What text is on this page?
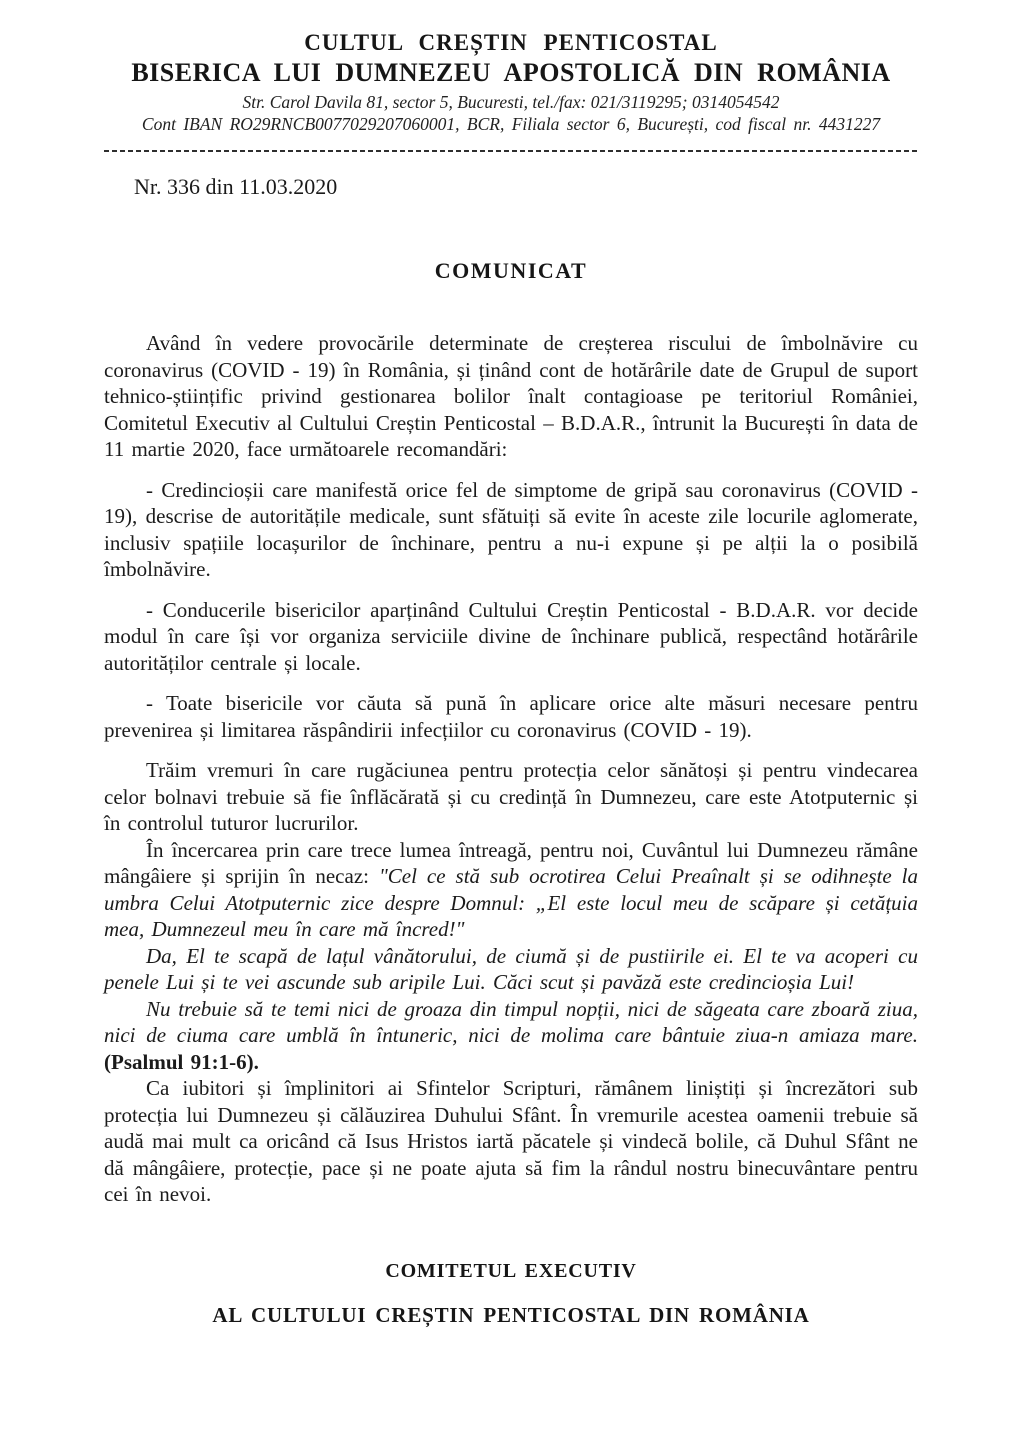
CULTUL CREȘTIN PENTICOSTAL

BISERICA LUI DUMNEZEU APOSTOLICĂ DIN ROMÂNIA

Str. Carol Davila 81, sector 5, Bucuresti, tel./fax: 021/3119295; 0314054542

Cont IBAN RO29RNCB0077029207060001, BCR, Filiala sector 6, București, cod fiscal nr. 4431227

Nr. 336 din 11.03.2020

COMUNICAT

Având în vedere provocările determinate de creșterea riscului de îmbolnăvire cu coronavirus (COVID - 19) în România, și ținând cont de hotărârile date de Grupul de suport tehnico-științific privind gestionarea bolilor înalt contagioase pe teritoriul României, Comitetul Executiv al Cultului Creștin Penticostal – B.D.A.R., întrunit la București în data de 11 martie 2020, face următoarele recomandări:

- Credincioșii care manifestă orice fel de simptome de gripă sau coronavirus (COVID - 19), descrise de autoritățile medicale, sunt sfătuiți să evite în aceste zile locurile aglomerate, inclusiv spațiile locașurilor de închinare, pentru a nu-i expune și pe alții la o posibilă îmbolnăvire.

- Conducerile bisericilor aparținând Cultului Creștin Penticostal - B.D.A.R. vor decide modul în care își vor organiza serviciile divine de închinare publică, respectând hotărârile autorităților centrale și locale.

- Toate bisericile vor căuta să pună în aplicare orice alte măsuri necesare pentru prevenirea și limitarea răspândirii infecțiilor cu coronavirus (COVID - 19).

Trăim vremuri în care rugăciunea pentru protecția celor sănătoși și pentru vindecarea celor bolnavi trebuie să fie înflăcărată și cu credință în Dumnezeu, care este Atotputernic și în controlul tuturor lucrurilor.

În încercarea prin care trece lumea întreagă, pentru noi, Cuvântul lui Dumnezeu rămâne mângâiere și sprijin în necaz: "Cel ce stă sub ocrotirea Celui Preaînalt și se odihnește la umbra Celui Atotputernic zice despre Domnul: „El este locul meu de scăpare și cetățuia mea, Dumnezeul meu în care mă încred!"

Da, El te scapă de lațul vânătorului, de ciumă și de pustiirile ei. El te va acoperi cu penele Lui și te vei ascunde sub aripile Lui. Căci scut și pavăză este credincioșia Lui!

Nu trebuie să te temi nici de groaza din timpul nopții, nici de săgeata care zboară ziua, nici de ciuma care umblă în întuneric, nici de molima care bântuie ziua-n amiaza mare. (Psalmul 91:1-6).

Ca iubitori și împlinitori ai Sfintelor Scripturi, rămânem liniștiți și încrezători sub protecția lui Dumnezeu și călăuzirea Duhului Sfânt. În vremurile acestea oamenii trebuie să audă mai mult ca oricând că Isus Hristos iartă păcatele și vindecă bolile, că Duhul Sfânt ne dă mângâiere, protecție, pace și ne poate ajuta să fim la rândul nostru binecuvântare pentru cei în nevoi.

COMITETUL EXECUTIV

AL CULTULUI CREȘTIN PENTICOSTAL DIN ROMÂNIA
